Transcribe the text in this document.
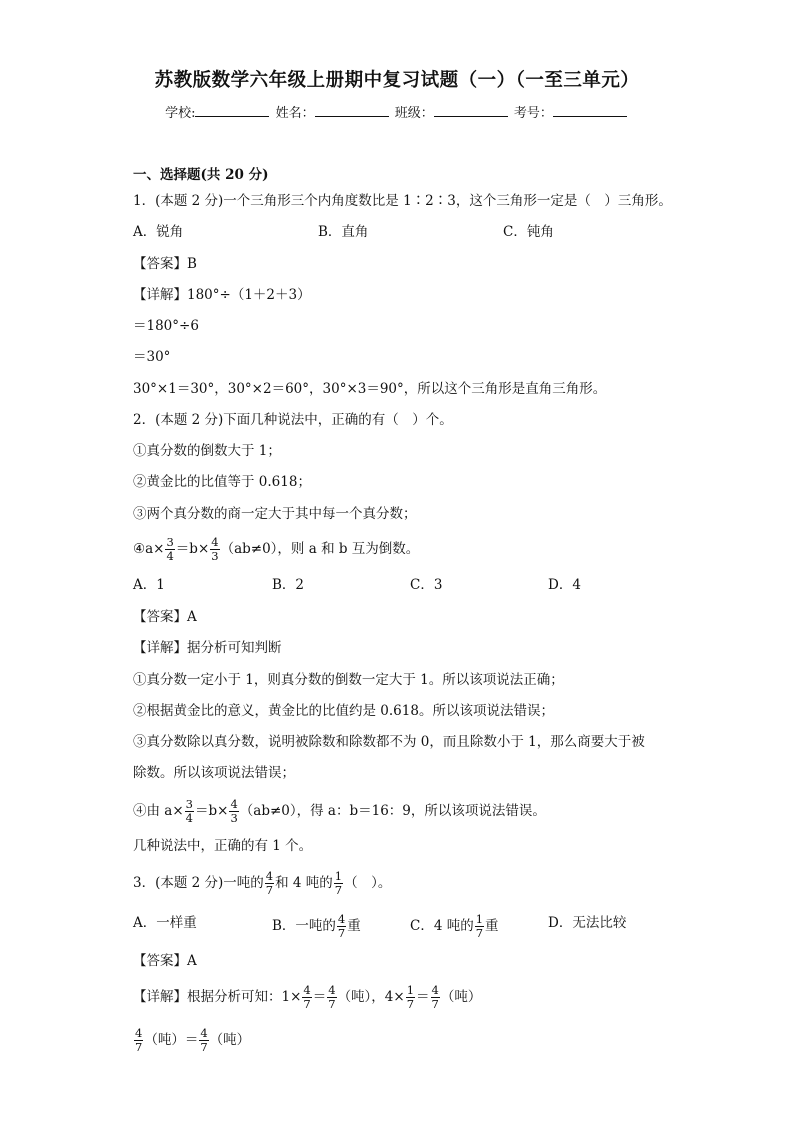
苏教版数学六年级上册期中复习试题（一）（一至三单元）
学校:	姓名：	班级：	考号：
一、选择题(共 20 分)
1．(本题 2 分)一个三角形三个内角度数比是 1∶2∶3，这个三角形一定是（　）三角形。
A．锐角	B．直角	C．钝角
【答案】B
【详解】180°÷（1＋2＋3）
＝180°÷6
＝30°
30°×1＝30°，30°×2＝60°，30°×3＝90°，所以这个三角形是直角三角形。
2．(本题 2 分)下面几种说法中，正确的有（　）个。
①真分数的倒数大于 1；
②黄金比的比值等于 0.618；
③两个真分数的商一定大于其中每一个真分数；
④a× $\frac{3}{4} =b\times \frac{4}{3} (ab\ne 0)$，则 a 和 b 互为倒数。
A．1	B．2	C．3	D．4
【答案】A
【详解】据分析可知判断
①真分数一定小于 1，则真分数的倒数一定大于 1。所以该项说法正确；
②根据黄金比的意义，黄金比的比值约是 0.618。所以该项说法错误；
③真分数除以真分数，说明被除数和除数都不为 0，而且除数小于 1，那么商要大于被
除数。所以该项说法错误；
④由 $a\times \frac{3}{4} =b\times \frac{4}{3} (ab\ne 0)$，得 a：b＝16：9，所以该项说法错误。
几种说法中，正确的有 1 个。
3．(本题 2 分)一吨的 $\frac{4}{7}$ 和 4 吨的 $\frac{1}{7}$ （　）。
A．一样重	B．一吨的 $\frac{4}{7}$ 重	C．4 吨的 $\frac{1}{7}$ 重	D．无法比较
【答案】A
【详解】根据分析可知：$1\times \frac{4}{7} = \frac{4}{7}$ （吨），$4\times \frac{1}{7} = \frac{4}{7}$ （吨）
$\frac{4}{7}$ （吨）＝ $\frac{4}{7}$ （吨）
